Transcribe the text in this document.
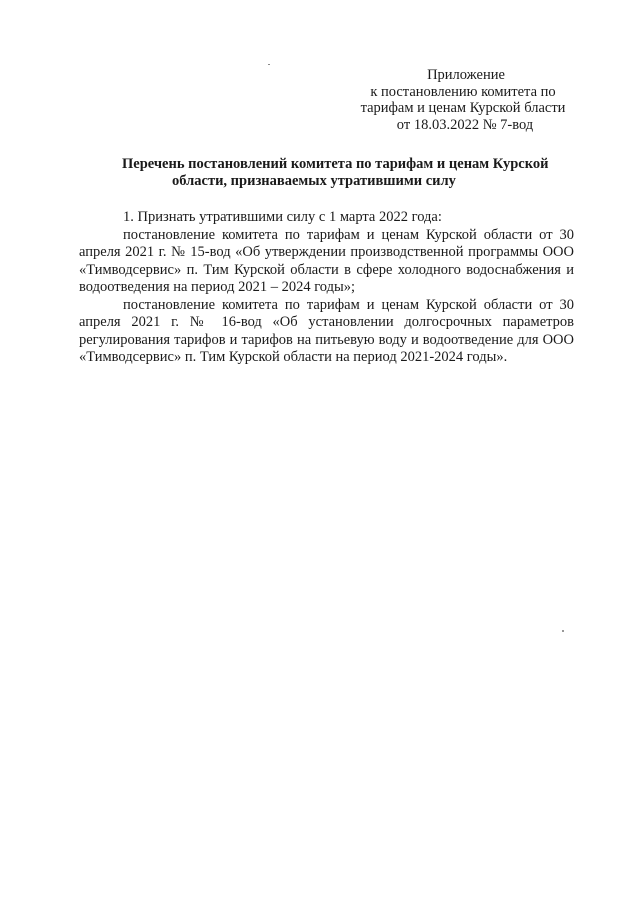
Приложение
к постановлению комитета по
тарифам и ценам Курской бласти
от 18.03.2022 № 7-вод
Перечень постановлений комитета по тарифам и ценам Курской
области, признаваемых утратившими силу
1. Признать утратившими силу с 1 марта 2022 года:

постановление комитета по тарифам и ценам Курской области от 30 апреля 2021 г. № 15-вод «Об утверждении производственной программы ООО «Тимводсервис» п. Тим Курской области в сфере холодного водоснабжения и водоотведения на период 2021 – 2024 годы»;

постановление комитета по тарифам и ценам Курской области от 30 апреля 2021 г. № 16-вод «Об установлении долгосрочных параметров регулирования тарифов и тарифов на питьевую воду и водоотведение для ООО «Тимводсервис» п. Тим Курской области на период 2021-2024 годы».
